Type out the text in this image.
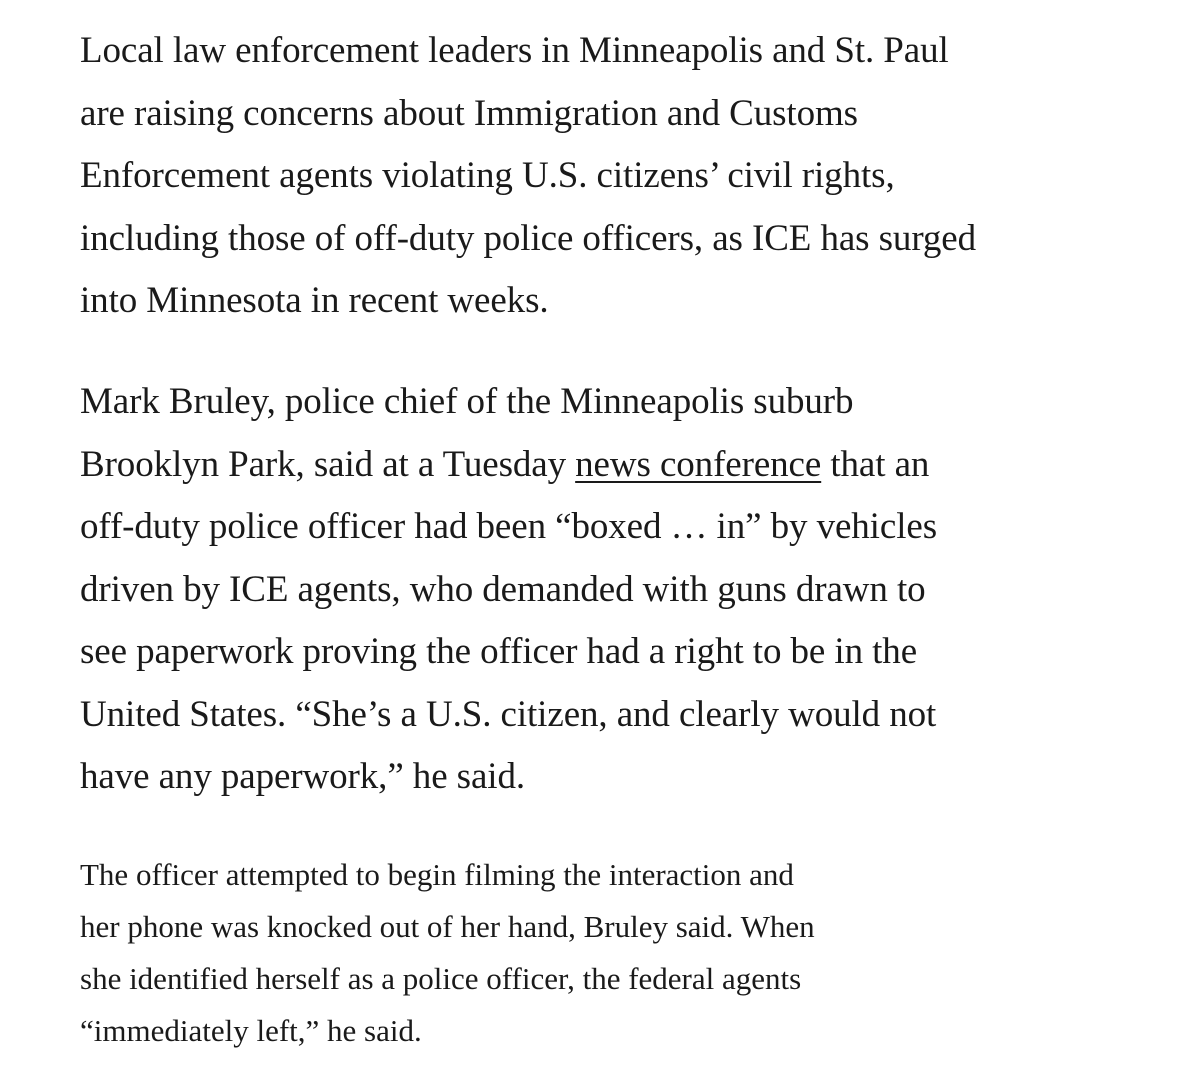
Local law enforcement leaders in Minneapolis and St. Paul
are raising concerns about Immigration and Customs
Enforcement agents violating U.S. citizens’ civil rights,
including those of off-duty police officers, as ICE has surged
into Minnesota in recent weeks.

Mark Bruley, police chief of the Minneapolis suburb
Brooklyn Park, said at a Tuesday news conference that an
off-duty police officer had been “boxed … in” by vehicles
driven by ICE agents, who demanded with guns drawn to
see paperwork proving the officer had a right to be in the
United States. “She’s a U.S. citizen, and clearly would not
have any paperwork,” he said.

The officer attempted to begin filming the interaction and
her phone was knocked out of her hand, Bruley said. When
she identified herself as a police officer, the federal agents
“immediately left,” he said.
